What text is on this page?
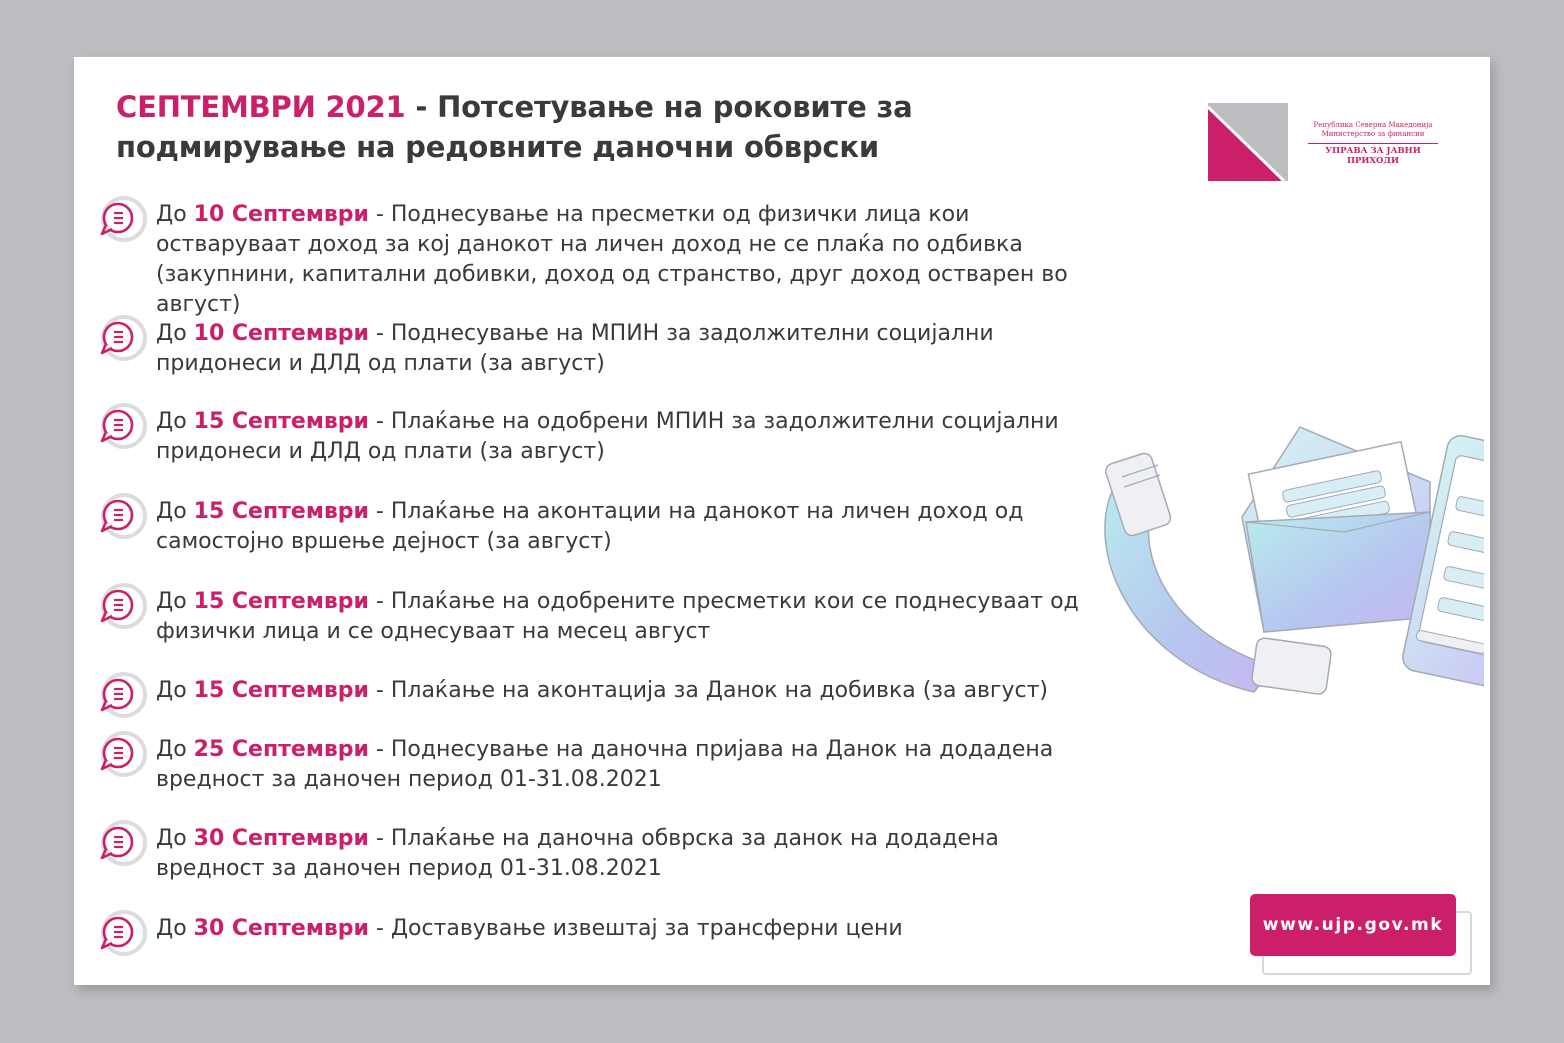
СЕПТЕМВРИ 2021 - Потсетување на роковите за подмирување на редовните даночни обврски
Република Северна Македонија
Министерство за финансии
УПРАВА ЗА ЈАВНИ ПРИХОДИ
До 10 Септември - Поднесување на пресметки од физички лица кои остваруваат доход за кој данокот на личен доход не се плаќа по одбивка (закупнини, капитални добивки, доход од странство, друг доход остварен во август)
До 10 Септември - Поднесување на МПИН за задолжителни социјални придонеси и ДЛД од плати (за август)
До 15 Септември - Плаќање на одобрени МПИН за задолжителни социјални придонеси и ДЛД од плати (за август)
До 15 Септември - Плаќање на аконтации на данокот на личен доход од самостојно вршење дејност (за август)
До 15 Септември - Плаќање на одобрените пресметки кои се поднесуваат од физички лица и се однесуваат на месец август
До 15 Септември - Плаќање на аконтација за Данок на добивка (за август)
До 25 Септември - Поднесување на даночна пријава на Данок на додадена вредност за даночен период 01-31.08.2021
До 30 Септември - Плаќање на даночна обврска за данок на додадена вредност за даночен период 01-31.08.2021
До 30 Септември - Доставување извештај за трансферни цени	www.ujp.gov.mk
